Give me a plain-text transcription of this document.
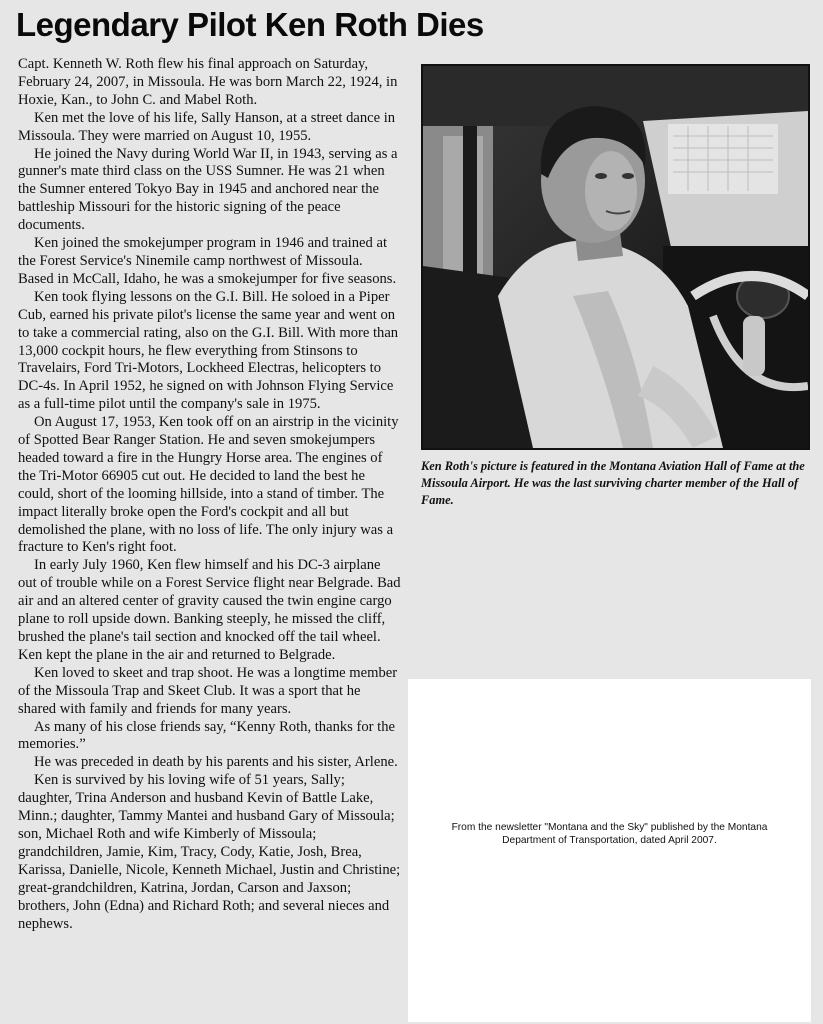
Legendary Pilot Ken Roth Dies

Capt. Kenneth W. Roth flew his final approach on Saturday, February 24, 2007, in Missoula. He was born March 22, 1924, in Hoxie, Kan., to John C. and Mabel Roth.

Ken met the love of his life, Sally Hanson, at a street dance in Missoula. They were married on August 10, 1955.

He joined the Navy during World War II, in 1943, serving as a gunner's mate third class on the USS Sumner. He was 21 when the Sumner entered Tokyo Bay in 1945 and anchored near the battleship Missouri for the historic signing of the peace documents.

Ken joined the smokejumper program in 1946 and trained at the Forest Service's Ninemile camp northwest of Missoula. Based in McCall, Idaho, he was a smokejumper for five seasons.

Ken took flying lessons on the G.I. Bill. He soloed in a Piper Cub, earned his private pilot's license the same year and went on to take a commercial rating, also on the G.I. Bill. With more than 13,000 cockpit hours, he flew everything from Stinsons to Travelairs, Ford Tri-Motors, Lockheed Electras, helicopters to DC-4s. In April 1952, he signed on with Johnson Flying Service as a full-time pilot until the company's sale in 1975.

On August 17, 1953, Ken took off on an airstrip in the vicinity of Spotted Bear Ranger Station. He and seven smokejumpers headed toward a fire in the Hungry Horse area. The engines of the Tri-Motor 66905 cut out. He decided to land the best he could, short of the looming hillside, into a stand of timber. The impact literally broke open the Ford's cockpit and all but demolished the plane, with no loss of life. The only injury was a fracture to Ken's right foot.

In early July 1960, Ken flew himself and his DC-3 airplane out of trouble while on a Forest Service flight near Belgrade. Bad air and an altered center of gravity caused the twin engine cargo plane to roll upside down. Banking steeply, he missed the cliff, brushed the plane's tail section and knocked off the tail wheel. Ken kept the plane in the air and returned to Belgrade.

Ken loved to skeet and trap shoot. He was a longtime member of the Missoula Trap and Skeet Club. It was a sport that he shared with family and friends for many years.

As many of his close friends say, “Kenny Roth, thanks for the memories.”

He was preceded in death by his parents and his sister, Arlene.

Ken is survived by his loving wife of 51 years, Sally; daughter, Trina Anderson and husband Kevin of Battle Lake, Minn.; daughter, Tammy Mantei and husband Gary of Missoula; son, Michael Roth and wife Kimberly of Missoula; grandchildren, Jamie, Kim, Tracy, Cody, Katie, Josh, Brea, Karissa, Danielle, Nicole, Kenneth Michael, Justin and Christine; great-grandchildren, Katrina, Jordan, Carson and Jaxson; brothers, John (Edna) and Richard Roth; and several nieces and nephews.

Ken Roth's picture is featured in the Montana Aviation Hall of Fame at the Missoula Airport. He was the last surviving charter member of the Hall of Fame.

From the newsletter "Montana and the Sky" published by the Montana Department of Transportation, dated April 2007.
